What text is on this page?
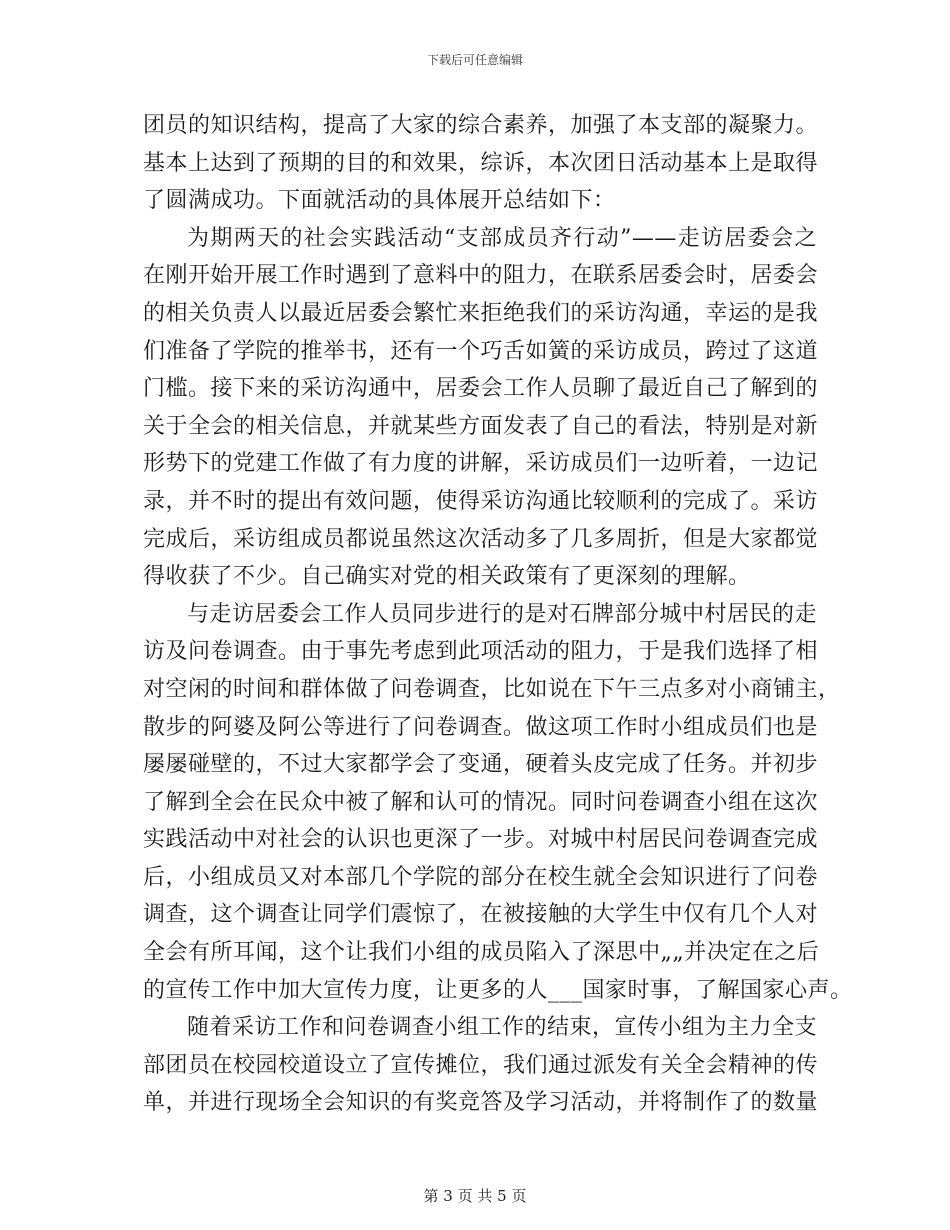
下载后可任意编辑
团员的知识结构，提高了大家的综合素养，加强了本支部的凝聚力。
基本上达到了预期的目的和效果，综诉，本次团日活动基本上是取得
了圆满成功。下面就活动的具体展开总结如下：
为期两天的社会实践活动“支部成员齐行动”——走访居委会之
在刚开始开展工作时遇到了意料中的阻力，在联系居委会时，居委会
的相关负责人以最近居委会繁忙来拒绝我们的采访沟通，幸运的是我
们准备了学院的推举书，还有一个巧舌如簧的采访成员，跨过了这道
门槛。接下来的采访沟通中，居委会工作人员聊了最近自己了解到的
关于全会的相关信息，并就某些方面发表了自己的看法，特别是对新
形势下的党建工作做了有力度的讲解，采访成员们一边听着，一边记
录，并不时的提出有效问题，使得采访沟通比较顺利的完成了。采访
完成后，采访组成员都说虽然这次活动多了几多周折，但是大家都觉
得收获了不少。自己确实对党的相关政策有了更深刻的理解。
与走访居委会工作人员同步进行的是对石牌部分城中村居民的走
访及问卷调查。由于事先考虑到此项活动的阻力，于是我们选择了相
对空闲的时间和群体做了问卷调查，比如说在下午三点多对小商铺主，
散步的阿婆及阿公等进行了问卷调查。做这项工作时小组成员们也是
屡屡碰壁的，不过大家都学会了变通，硬着头皮完成了任务。并初步
了解到全会在民众中被了解和认可的情况。同时问卷调查小组在这次
实践活动中对社会的认识也更深了一步。对城中村居民问卷调查完成
后，小组成员又对本部几个学院的部分在校生就全会知识进行了问卷
调查，这个调查让同学们震惊了，在被接触的大学生中仅有几个人对
全会有所耳闻，这个让我们小组的成员陷入了深思中„„并决定在之后
的宣传工作中加大宣传力度，让更多的人___国家时事，了解国家心声。
随着采访工作和问卷调查小组工作的结束，宣传小组为主力全支
部团员在校园校道设立了宣传摊位，我们通过派发有关全会精神的传
单，并进行现场全会知识的有奖竞答及学习活动，并将制作了的数量
第 3 页 共 5 页
